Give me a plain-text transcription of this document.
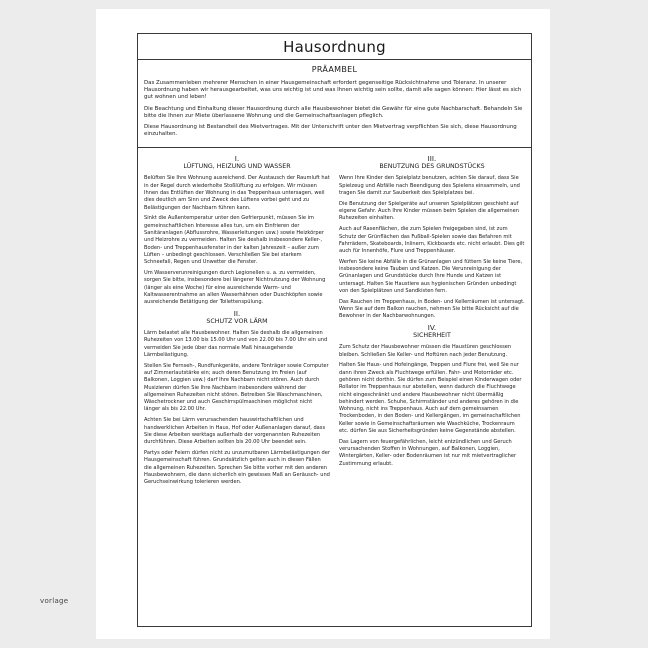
Hausordnung
PRÄAMBEL

Das Zusammenleben mehrerer Menschen in einer Hausgemeinschaft erfordert gegenseitige Rücksichtnahme und Toleranz. In unserer Hausordnung haben wir herausgearbeitet, was uns wichtig ist und was Ihnen wichtig sein sollte, damit alle sagen können: Hier lässt es sich gut wohnen und leben!

Die Beachtung und Einhaltung dieser Hausordnung durch alle Hausbewohner bietet die Gewähr für eine gute Nachbarschaft. Behandeln Sie bitte die Ihnen zur Miete überlassene Wohnung und die Gemeinschaftsanlagen pfleglich.

Diese Hausordnung ist Bestandteil des Mietvertrages. Mit der Unterschrift unter den Mietvertrag verpflichten Sie sich, diese Hausordnung einzuhalten.

I.
LÜFTUNG, HEIZUNG UND WASSER

Belüften Sie Ihre Wohnung ausreichend. Der Austausch der Raumluft hat in der Regel durch wiederholte Stoßlüftung zu erfolgen. Wir müssen Ihnen das Entlüften der Wohnung in das Treppenhaus untersagen, weil dies deutlich am Sinn und Zweck des Lüftens vorbei geht und zu Belästigungen der Nachbarn führen kann.

Sinkt die Außentemperatur unter den Gefrierpunkt, müssen Sie im gemeinschaftlichen Interesse alles tun, um ein Einfrieren der Sanitäranlagen (Abflussrohre, Wasserleitungen usw.) sowie Heizkörper und Heizrohre zu vermeiden. Halten Sie deshalb insbesondere Keller-, Boden- und Treppenhausfenster in der kalten Jahreszeit – außer zum Lüften – unbedingt geschlossen. Verschließen Sie bei starkem Schneefall, Regen und Unwetter die Fenster.

Um Wasserverunreinigungen durch Legionellen u. a. zu vermeiden, sorgen Sie bitte, insbesondere bei längerer Nichtnutzung der Wohnung (länger als eine Woche) für eine ausreichende Warm- und Kaltwasserentnahme an allen Wasserhähnen oder Duschköpfen sowie ausreichende Betätigung der Toilettenspülung.

II.
SCHUTZ VOR LÄRM

Lärm belastet alle Hausbewohner. Halten Sie deshalb die allgemeinen Ruhezeiten von 13.00 bis 15.00 Uhr und von 22.00 bis 7.00 Uhr ein und vermeiden Sie jede über das normale Maß hinausgehende Lärmbelästigung.

Stellen Sie Fernseh-, Rundfunkgeräte, andere Tonträger sowie Computer auf Zimmerlautstärke ein; auch deren Benutzung im Freien (auf Balkonen, Loggien usw.) darf Ihre Nachbarn nicht stören. Auch durch Musizieren dürfen Sie Ihre Nachbarn insbesondere während der allgemeinen Ruhezeiten nicht stören. Betreiben Sie Waschmaschinen, Wäschetrockner und auch Geschirrspülmaschinen möglichst nicht länger als bis 22.00 Uhr.

Achten Sie bei Lärm verursachenden hauswirtschaftlichen und handwerklichen Arbeiten in Haus, Hof oder Außenanlagen darauf, dass Sie diese Arbeiten werktags außerhalb der vorgenannten Ruhezeiten durchführen. Diese Arbeiten sollten bis 20.00 Uhr beendet sein.

Partys oder Feiern dürfen nicht zu unzumutbaren Lärmbelästigungen der Hausgemeinschaft führen. Grundsätzlich gelten auch in diesen Fällen die allgemeinen Ruhezeiten. Sprechen Sie bitte vorher mit den anderen Hausbewohnern, die dann sicherlich ein gewisses Maß an Geräusch- und Geruchseinwirkung tolerieren werden.

III.
BENUTZUNG DES GRUNDSTÜCKS

Wenn Ihre Kinder den Spielplatz benutzen, achten Sie darauf, dass Sie Spielzeug und Abfälle nach Beendigung des Spielens einsammeln, und tragen Sie damit zur Sauberkeit des Spielplatzes bei.

Die Benutzung der Spielgeräte auf unseren Spielplätzen geschieht auf eigene Gefahr. Auch Ihre Kinder müssen beim Spielen die allgemeinen Ruhezeiten einhalten.

Auch auf Rasenflächen, die zum Spielen freigegeben sind, ist zum Schutz der Grünflächen das Fußball-Spielen sowie das Befahren mit Fahrrädern, Skateboards, Inlinern, Kickboards etc. nicht erlaubt. Dies gilt auch für Innenhöfe, Flure und Treppenhäuser.

Werfen Sie keine Abfälle in die Grünanlagen und füttern Sie keine Tiere, insbesondere keine Tauben und Katzen. Die Verunreinigung der Grünanlagen und Grundstücke durch Ihre Hunde und Katzen ist untersagt. Halten Sie Haustiere aus hygienischen Gründen unbedingt von den Spielplätzen und Sandkisten fern.

Das Rauchen im Treppenhaus, in Boden- und Kellerräumen ist untersagt. Wenn Sie auf dem Balkon rauchen, nehmen Sie bitte Rücksicht auf die Bewohner in der Nachbarwohnungen.

IV.
SICHERHEIT

Zum Schutz der Hausbewohner müssen die Haustüren geschlossen bleiben. Schließen Sie Keller- und Hoftüren nach jeder Benutzung.

Halten Sie Haus- und Hofeingänge, Treppen und Flure frei, weil Sie nur dann ihren Zweck als Fluchtwege erfüllen. Fahr- und Motorräder etc. gehören nicht dorthin. Sie dürfen zum Beispiel einen Kinderwagen oder Rollator im Treppenhaus nur abstellen, wenn dadurch die Fluchtwege nicht eingeschränkt und andere Hausbewohner nicht übermäßig behindert werden. Schuhe, Schirmständer und anderes gehören in die Wohnung, nicht ins Treppenhaus. Auch auf dem gemeinsamen Trockenboden, in den Boden- und Kellergängen, im gemeinschaftlichen Keller sowie in Gemeinschaftsräumen wie Waschküche, Trockenraum etc. dürfen Sie aus Sicherheitsgründen keine Gegenstände abstellen.

Das Lagern von feuergefährlichen, leicht entzündlichen und Geruch verursachenden Stoffen in Wohnungen, auf Balkonen, Loggien, Wintergärten, Keller- oder Bodenräumen ist nur mit mietvertraglicher Zustimmung erlaubt.

vorlage
